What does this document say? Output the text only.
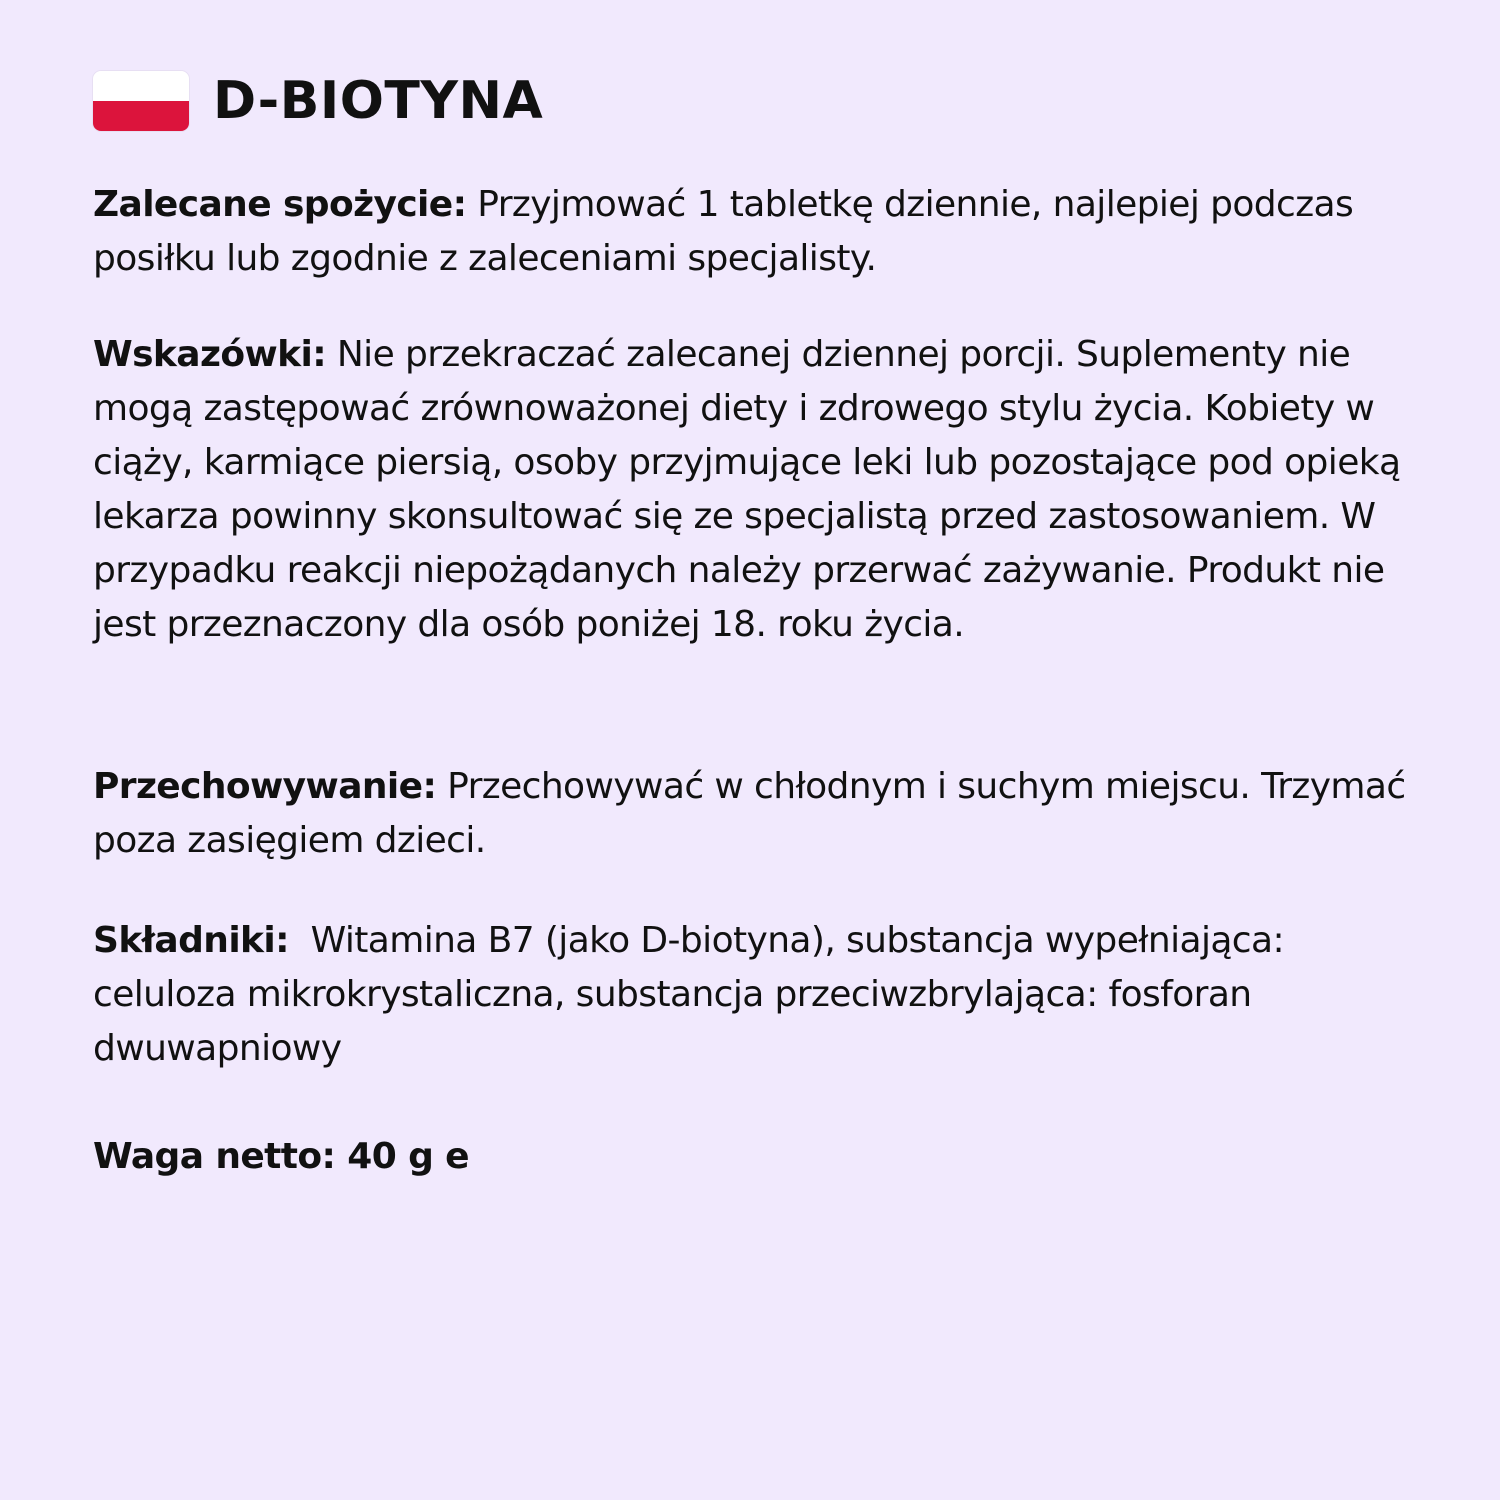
D-BIOTYNA
Zalecane spożycie: Przyjmować 1 tabletkę dziennie, najlepiej podczas posiłku lub zgodnie z zaleceniami specjalisty.
Wskazówki: Nie przekraczać zalecanej dziennej porcji. Suplementy nie mogą zastępować zrównoważonej diety i zdrowego stylu życia. Kobiety w ciąży, karmiące piersią, osoby przyjmujące leki lub pozostające pod opieką lekarza powinny skonsultować się ze specjalistą przed zastosowaniem. W przypadku reakcji niepożądanych należy przerwać zażywanie. Produkt nie jest przeznaczony dla osób poniżej 18. roku życia.
Przechowywanie: Przechowywać w chłodnym i suchym miejscu. Trzymać poza zasięgiem dzieci.
Składniki:  Witamina B7 (jako D-biotyna), substancja wypełniająca: celuloza mikrokrystaliczna, substancja przeciwzbrylająca: fosforan dwuwapniowy
Waga netto: 40 g e
